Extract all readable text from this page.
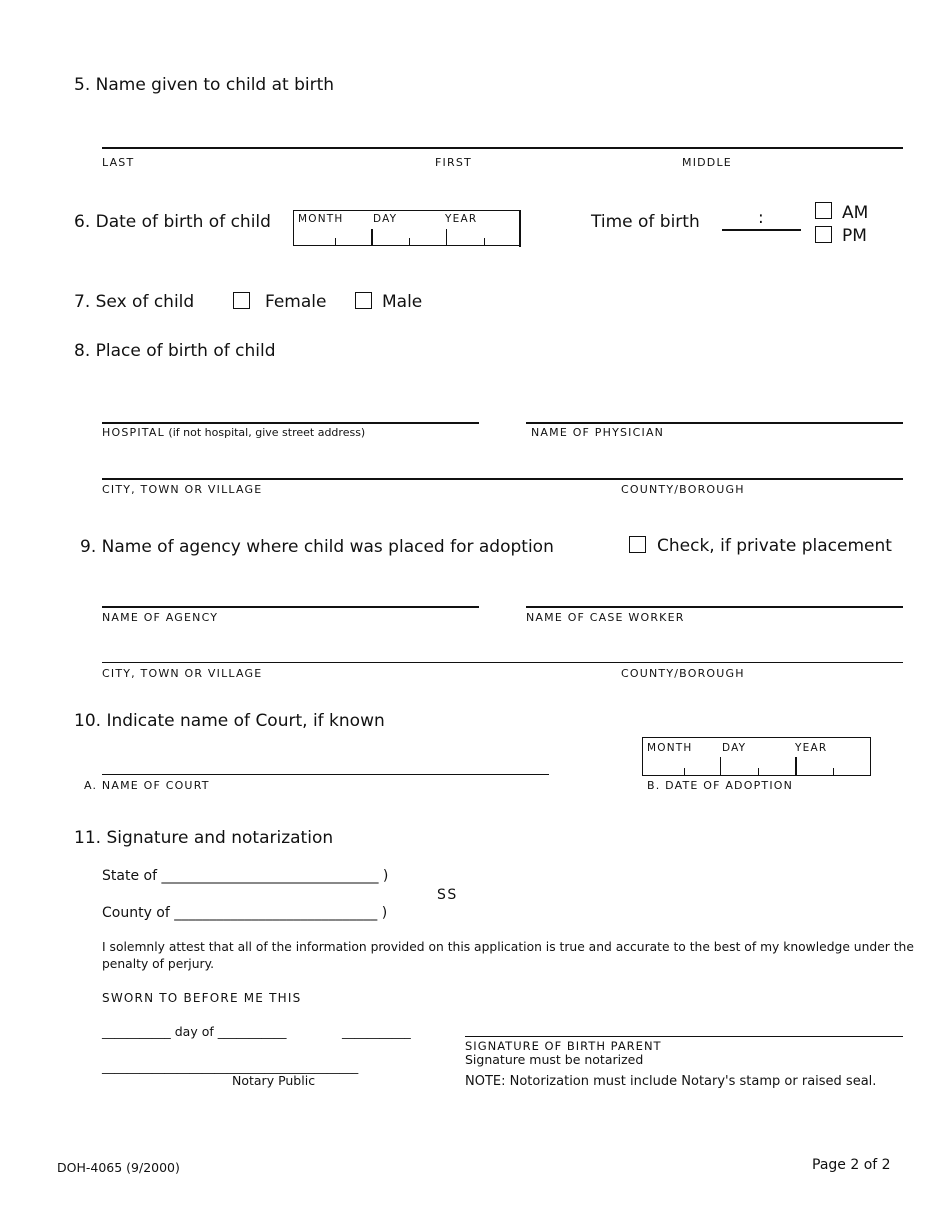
5. Name given to child at birth
LAST	FIRST	MIDDLE
6. Date of birth of child	MONTH	DAY	YEAR	Time of birth	:	AM
PM
7. Sex of child	Female	Male
8. Place of birth of child
HOSPITAL (if not hospital, give street address)	NAME OF PHYSICIAN
CITY, TOWN OR VILLAGE	COUNTY/BOROUGH
9. Name of agency where child was placed for adoption	Check, if private placement
NAME OF AGENCY	NAME OF CASE WORKER
CITY, TOWN OR VILLAGE	COUNTY/BOROUGH
10. Indicate name of Court, if known
A. NAME OF COURT
MONTH	DAY	YEAR
B. DATE OF ADOPTION
11. Signature and notarization
State of _______________________________ )
SS
County of _____________________________ )
I solemnly attest that all of the information provided on this application is true and accurate to the best of my knowledge under the
penalty of perjury.
SWORN TO BEFORE ME THIS
___________ day of ___________	___________
_________________________________________
Notary Public
SIGNATURE OF BIRTH PARENT
Signature must be notarized
NOTE: Notorization must include Notary's stamp or raised seal.
DOH-4065 (9/2000)	Page 2 of 2
